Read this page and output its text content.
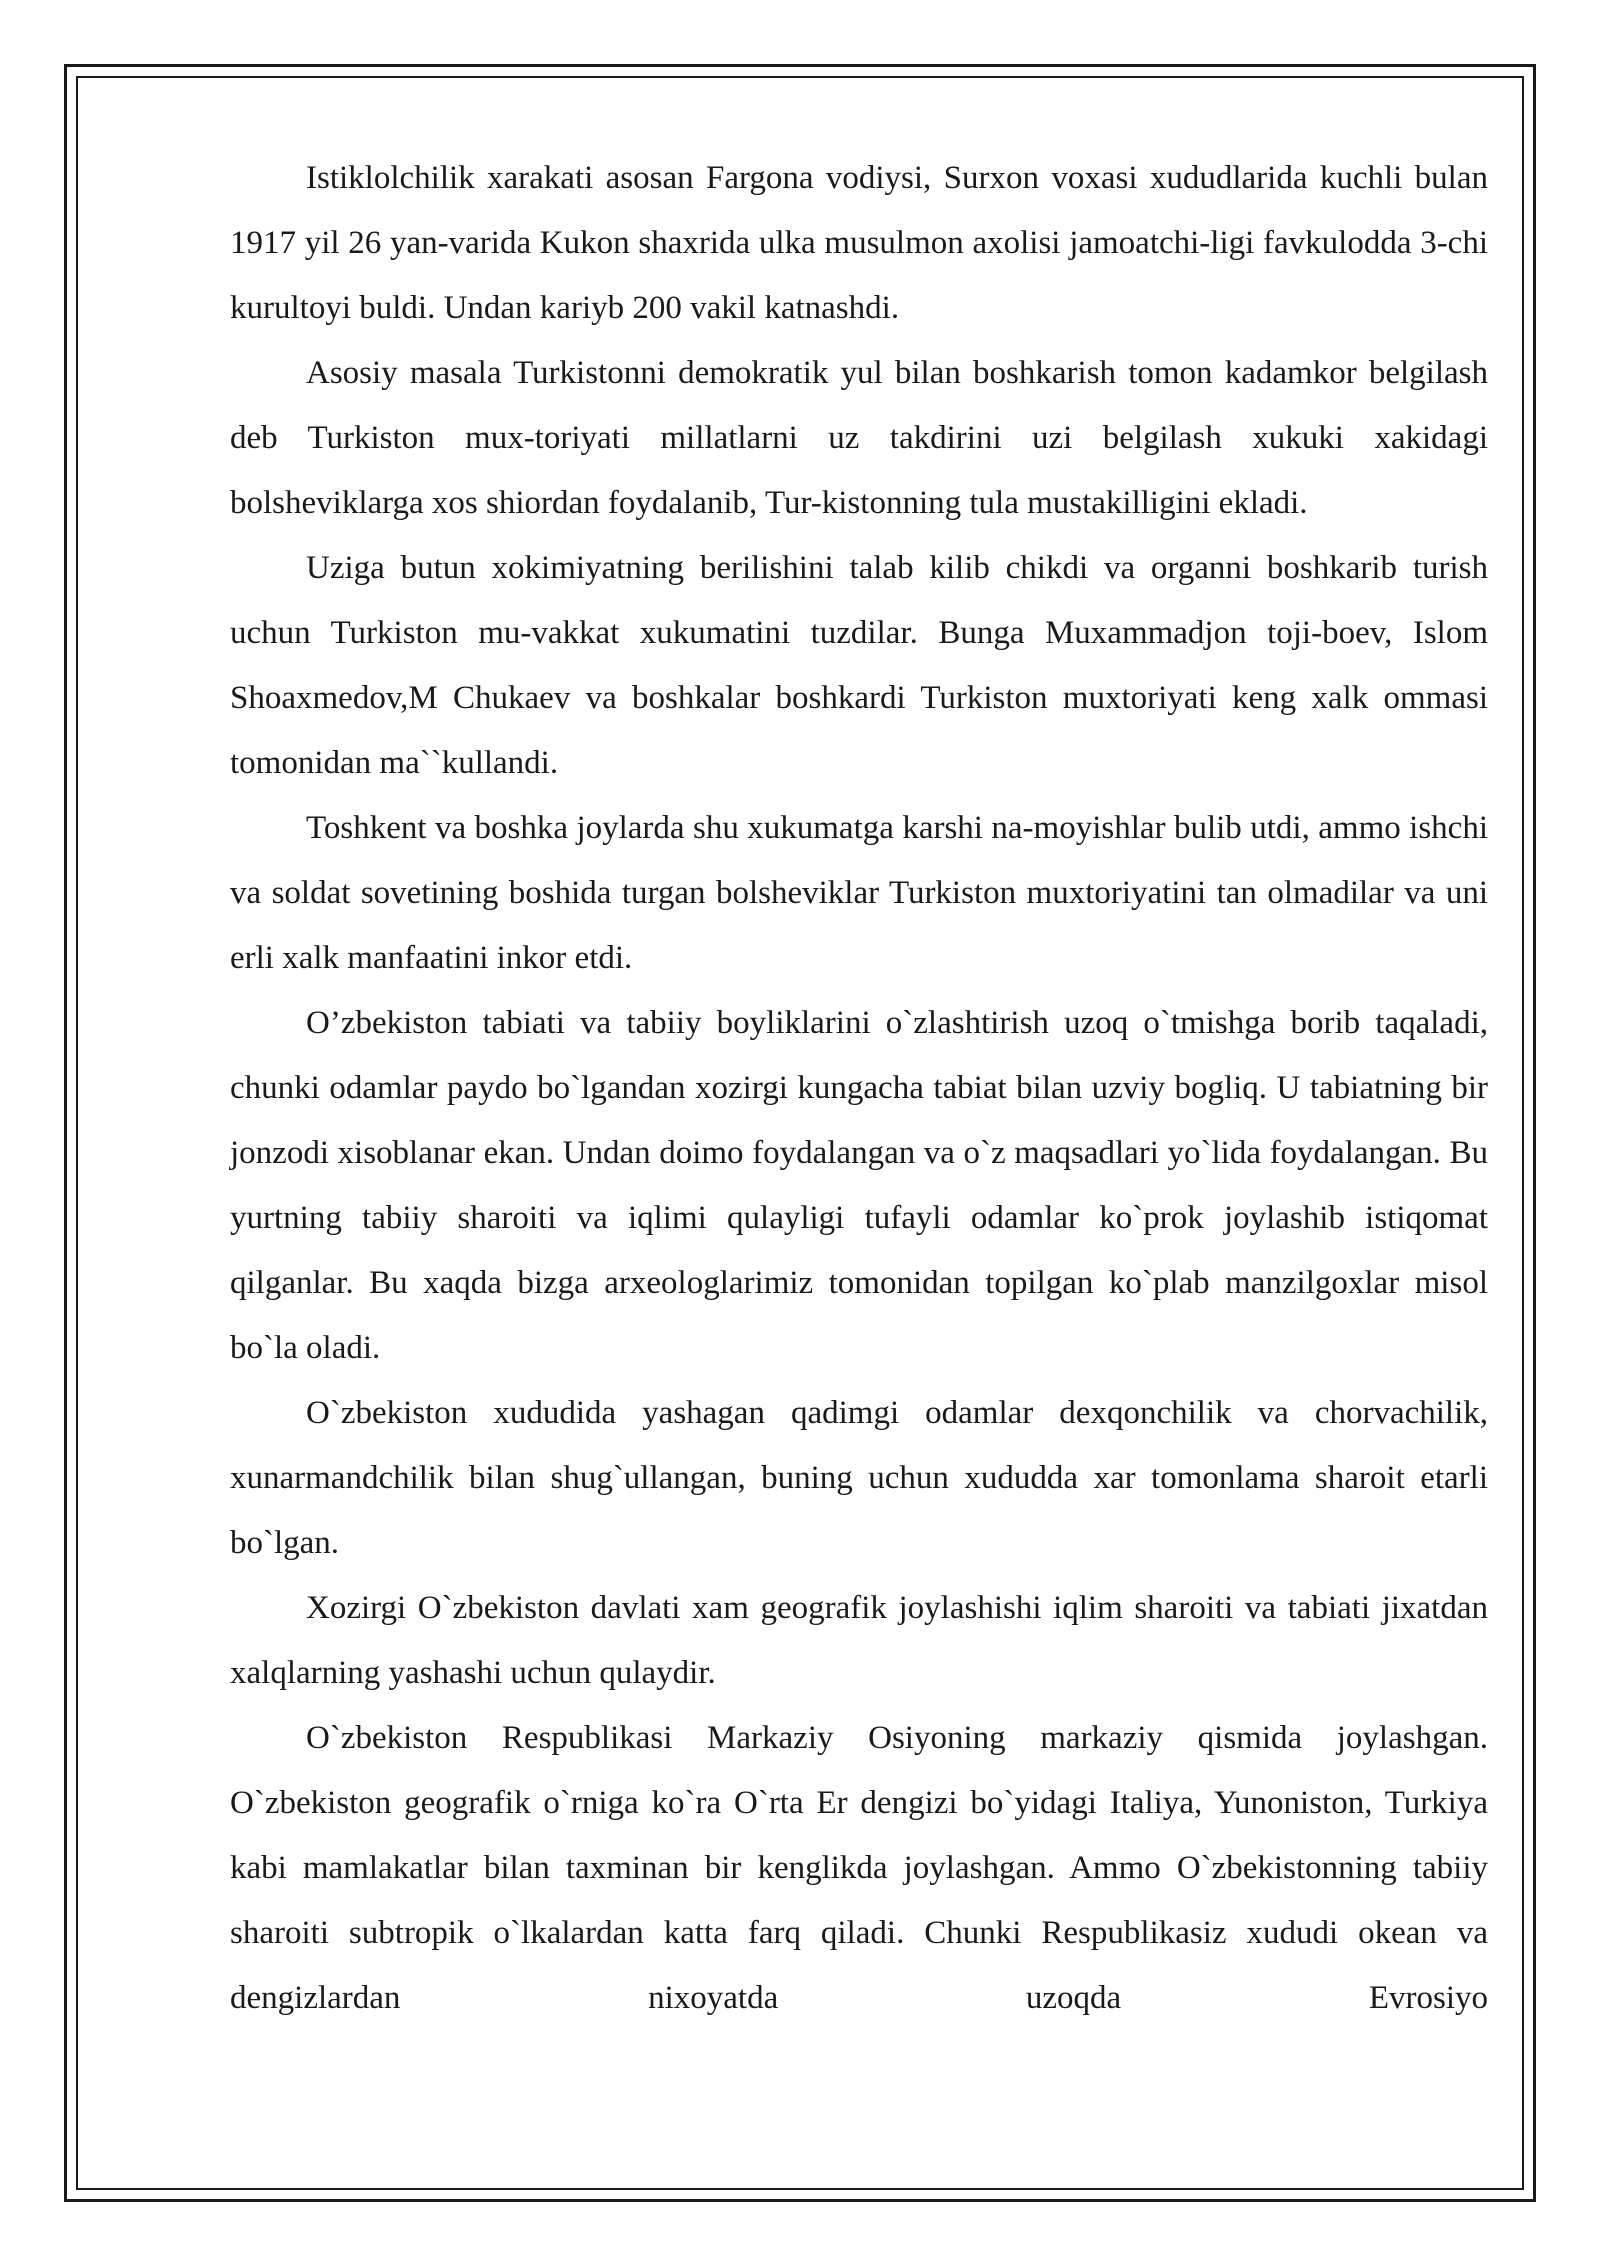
Istiklolchilik xarakati asosan Fargona vodiysi, Surxon voxasi xududlarida kuchli bulan 1917 yil 26 yan-varida Kukon shaxrida ulka musulmon axolisi jamoatchi-ligi favkulodda 3-chi kurultoyi buldi. Undan kariyb 200 vakil katnashdi.

Asosiy masala Turkistonni demokratik yul bilan boshkarish tomon kadamkor belgilash deb Turkiston mux-toriyati millatlarni uz takdirini uzi belgilash xukuki xakidagi bolsheviklarga xos shiordan foydalanib, Tur-kistonning tula mustakilligini ekladi.

Uziga butun xokimiyatning berilishini talab kilib chikdi va organni boshkarib turish uchun Turkiston mu-vakkat xukumatini tuzdilar. Bunga Muxammadjon toji-boev, Islom Shoaxmedov,M Chukaev va boshkalar boshkardi Turkiston muxtoriyati keng xalk ommasi tomonidan ma``kullandi.

Toshkent va boshka joylarda shu xukumatga karshi na-moyishlar bulib utdi, ammo ishchi va soldat sovetining boshida turgan bolsheviklar Turkiston muxtoriyatini tan olmadilar va uni erli xalk manfaatini inkor etdi.

O’zbekiston tabiati va tabiiy boyliklarini o`zlashtirish uzoq o`tmishga borib taqaladi, chunki odamlar paydo bo`lgandan xozirgi kungacha tabiat bilan uzviy bogliq. U tabiatning bir jonzodi xisoblanar ekan. Undan doimo foydalangan va o`z maqsadlari yo`lida foydalangan. Bu yurtning tabiiy sharoiti va iqlimi qulayligi tufayli odamlar ko`prok joylashib istiqomat qilganlar. Bu xaqda bizga arxeologlarimiz tomonidan topilgan ko`plab manzilgoxlar misol bo`la oladi.

O`zbekiston xududida yashagan qadimgi odamlar dexqonchilik va chorvachilik, xunarmandchilik bilan shug`ullangan, buning uchun xududda xar tomonlama sharoit etarli bo`lgan.

Xozirgi O`zbekiston davlati xam geografik joylashishi iqlim sharoiti va tabiati jixatdan xalqlarning yashashi uchun qulaydir.

O`zbekiston Respublikasi Markaziy Osiyoning markaziy qismida joylashgan. O`zbekiston geografik o`rniga ko`ra O`rta Er dengizi bo`yidagi Italiya, Yunoniston, Turkiya kabi mamlakatlar bilan taxminan bir kenglikda joylashgan. Ammo O`zbekistonning tabiiy sharoiti subtropik o`lkalardan katta farq qiladi. Chunki Respublikasiz xududi okean va dengizlardan nixoyatda uzoqda Evrosiyo
